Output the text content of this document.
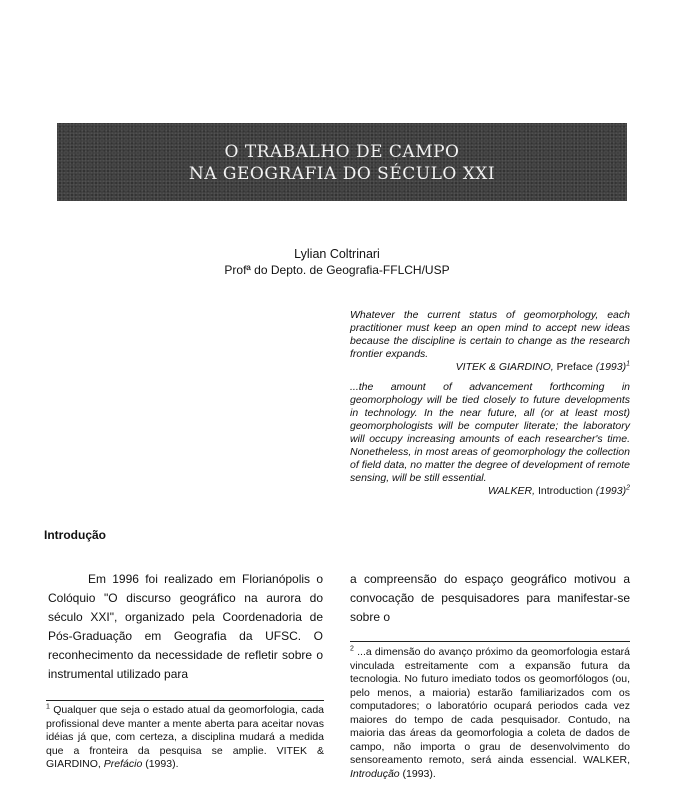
O TRABALHO DE CAMPO

NA GEOGRAFIA DO SÉCULO XXI

Lylian Coltrinari
Profª do Depto. de Geografia-FFLCH/USP
Whatever the current status of geomorphology, each practitioner must keep an open mind to accept new ideas because the discipline is certain to change as the research frontier expands.
VITEK & GIARDINO, Preface $(1993)^1$
...the amount of advancement forthcoming in geomorphology will be tied closely to future developments in technology. In the near future, all (or at least most) geomorphologists will be computer literate; the laboratory will occupy increasing amounts of each researcher's time. Nonetheless, in most areas of geomorphology the collection of field data, no matter the degree of development of remote sensing, will be still essential.
WALKER, Introduction $(1993)^2$
Introdução
Em 1996 foi realizado em Florianópolis o Colóquio "O discurso geográfico na aurora do século XXI", organizado pela Coordenadoria de Pós-Graduação em Geografia da UFSC. O reconhecimento da necessidade de refletir sobre o instrumental utilizado para
a compreensão do espaço geográfico motivou a convocação de pesquisadores para manifestar-se sobre o
$^2$ ...a dimensão do avanço próximo da geomorfologia estará vinculada estreitamente com a expansão futura da tecnologia. No futuro imediato todos os geomorfólogos (ou, pelo menos, a maioria) estarão familiarizados com os computadores; o laboratório ocupará periodos cada vez maiores do tempo de cada pesquisador. Contudo, na maioria das áreas da geomorfologia a coleta de dados de campo, não importa o grau de desenvolvimento do sensoreamento remoto, será ainda essencial. WALKER, Introdução (1993).
$^1$ Qualquer que seja o estado atual da geomorfologia, cada profissional deve manter a mente aberta para aceitar novas idéias já que, com certeza, a disciplina mudará a medida que a fronteira da pesquisa se amplie. VITEK & GIARDINO, Prefácio (1993).
